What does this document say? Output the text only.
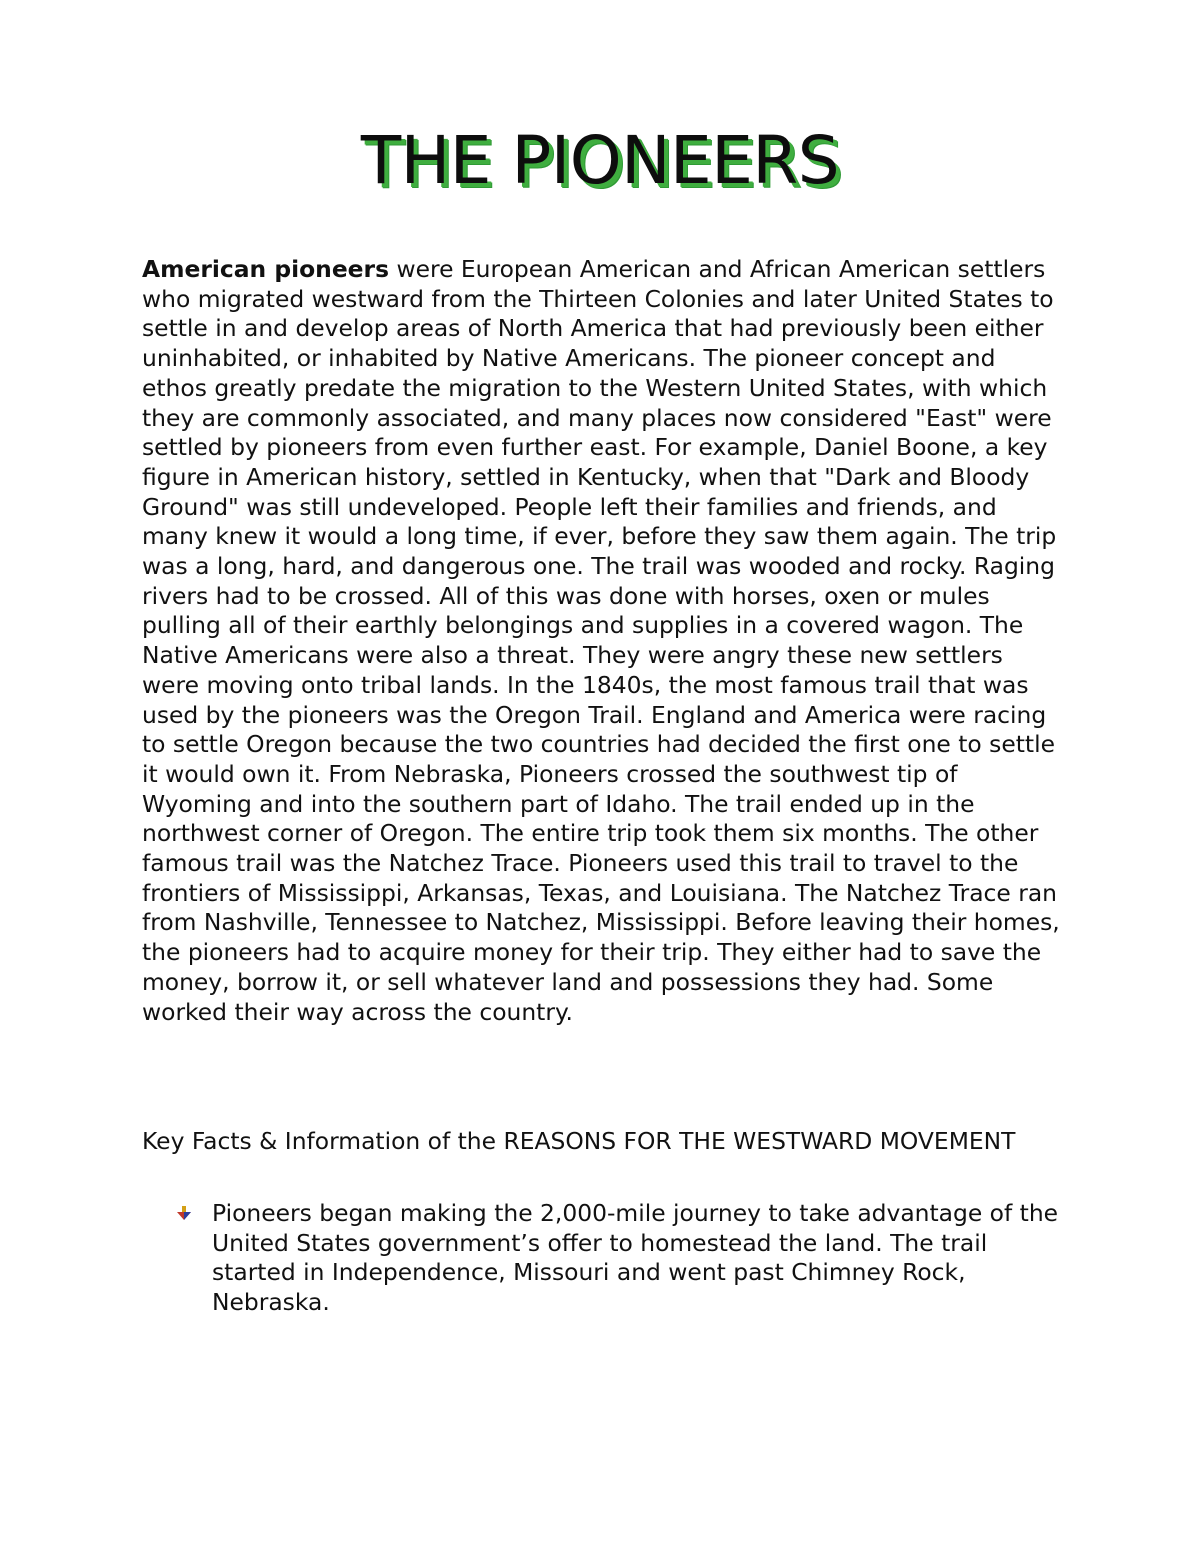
THE PIONEERS

American pioneers were European American and African American settlers who migrated westward from the Thirteen Colonies and later United States to settle in and develop areas of North America that had previously been either uninhabited, or inhabited by Native Americans. The pioneer concept and ethos greatly predate the migration to the Western United States, with which they are commonly associated, and many places now considered "East" were settled by pioneers from even further east. For example, Daniel Boone, a key figure in American history, settled in Kentucky, when that "Dark and Bloody Ground" was still undeveloped. People left their families and friends, and many knew it would a long time, if ever, before they saw them again. The trip was a long, hard, and dangerous one. The trail was wooded and rocky. Raging rivers had to be crossed. All of this was done with horses, oxen or mules pulling all of their earthly belongings and supplies in a covered wagon. The Native Americans were also a threat. They were angry these new settlers were moving onto tribal lands. In the 1840s, the most famous trail that was used by the pioneers was the Oregon Trail. England and America were racing to settle Oregon because the two countries had decided the first one to settle it would own it. From Nebraska, Pioneers crossed the southwest tip of Wyoming and into the southern part of Idaho. The trail ended up in the northwest corner of Oregon. The entire trip took them six months. The other famous trail was the Natchez Trace. Pioneers used this trail to travel to the frontiers of Mississippi, Arkansas, Texas, and Louisiana. The Natchez Trace ran from Nashville, Tennessee to Natchez, Mississippi. Before leaving their homes, the pioneers had to acquire money for their trip. They either had to save the money, borrow it, or sell whatever land and possessions they had. Some worked their way across the country.

Key Facts & Information of the REASONS FOR THE WESTWARD MOVEMENT

Pioneers began making the 2,000-mile journey to take advantage of the United States government’s offer to homestead the land. The trail started in Independence, Missouri and went past Chimney Rock, Nebraska.
